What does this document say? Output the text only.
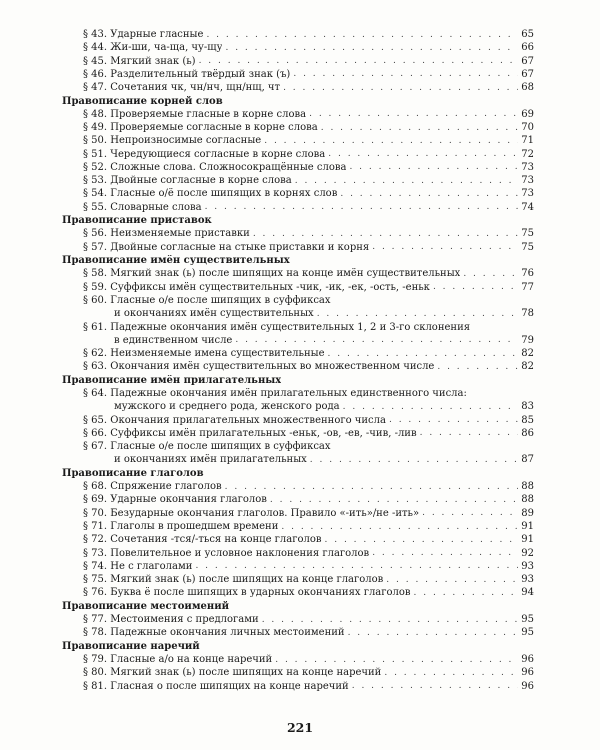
§ 43. Ударные гласные . . .	65
§ 44. Жи-ши, ча-ща, чу-щу . . .	66
§ 45. Мягкий знак (ь) . . .	67
§ 46. Разделительный твёрдый знак (ъ) . . .	67
§ 47. Сочетания чк, чн/нч, щн/нщ, чт . . .	68
Правописание корней слов
§ 48. Проверяемые гласные в корне слова . . .	69
§ 49. Проверяемые согласные в корне слова . . .	70
§ 50. Непроизносимые согласные . . .	71
§ 51. Чередующиеся согласные в корне слова . . .	72
§ 52. Сложные слова. Сложносокращённые слова . . .	73
§ 53. Двойные согласные в корне слова . . .	73
§ 54. Гласные о/ё после шипящих в корнях слов . . .	73
§ 55. Словарные слова . . .	74
Правописание приставок
§ 56. Неизменяемые приставки . . .	75
§ 57. Двойные согласные на стыке приставки и корня . . .	75
Правописание имён существительных
§ 58. Мягкий знак (ь) после шипящих на конце имён существительных . . .	76
§ 59. Суффиксы имён существительных -чик, -ик, -ек, -ость, -еньк . . .	77
§ 60. Гласные о/е после шипящих в суффиксах
и окончаниях имён существительных . . .	78
§ 61. Падежные окончания имён существительных 1, 2 и 3-го склонения
в единственном числе . . .	79
§ 62. Неизменяемые имена существительные . . .	82
§ 63. Окончания имён существительных во множественном числе . . .	82
Правописание имён прилагательных
§ 64. Падежные окончания имён прилагательных единственного числа:
мужского и среднего рода, женского рода . . .	83
§ 65. Окончания прилагательных множественного числа . . .	85
§ 66. Суффиксы имён прилагательных -еньк, -ов, -ев, -чив, -лив . . .	86
§ 67. Гласные о/е после шипящих в суффиксах
и окончаниях имён прилагательных . . .	87
Правописание глаголов
§ 68. Спряжение глаголов . . .	88
§ 69. Ударные окончания глаголов . . .	88
§ 70. Безударные окончания глаголов. Правило «-ить»/не -ить» . . .	89
§ 71. Глаголы в прошедшем времени . . .	91
§ 72. Сочетания -тся/-ться на конце глаголов . . .	91
§ 73. Повелительное и условное наклонения глаголов . . .	92
§ 74. Не с глаголами . . .	93
§ 75. Мягкий знак (ь) после шипящих на конце глаголов . . .	93
§ 76. Буква ё после шипящих в ударных окончаниях глаголов . . .	94
Правописание местоимений
§ 77. Местоимения с предлогами . . .	95
§ 78. Падежные окончания личных местоимений . . .	95
Правописание наречий
§ 79. Гласные а/о на конце наречий . . .	96
§ 80. Мягкий знак (ь) после шипящих на конце наречий . . .	96
§ 81. Гласная о после шипящих на конце наречий . . .	96
221
